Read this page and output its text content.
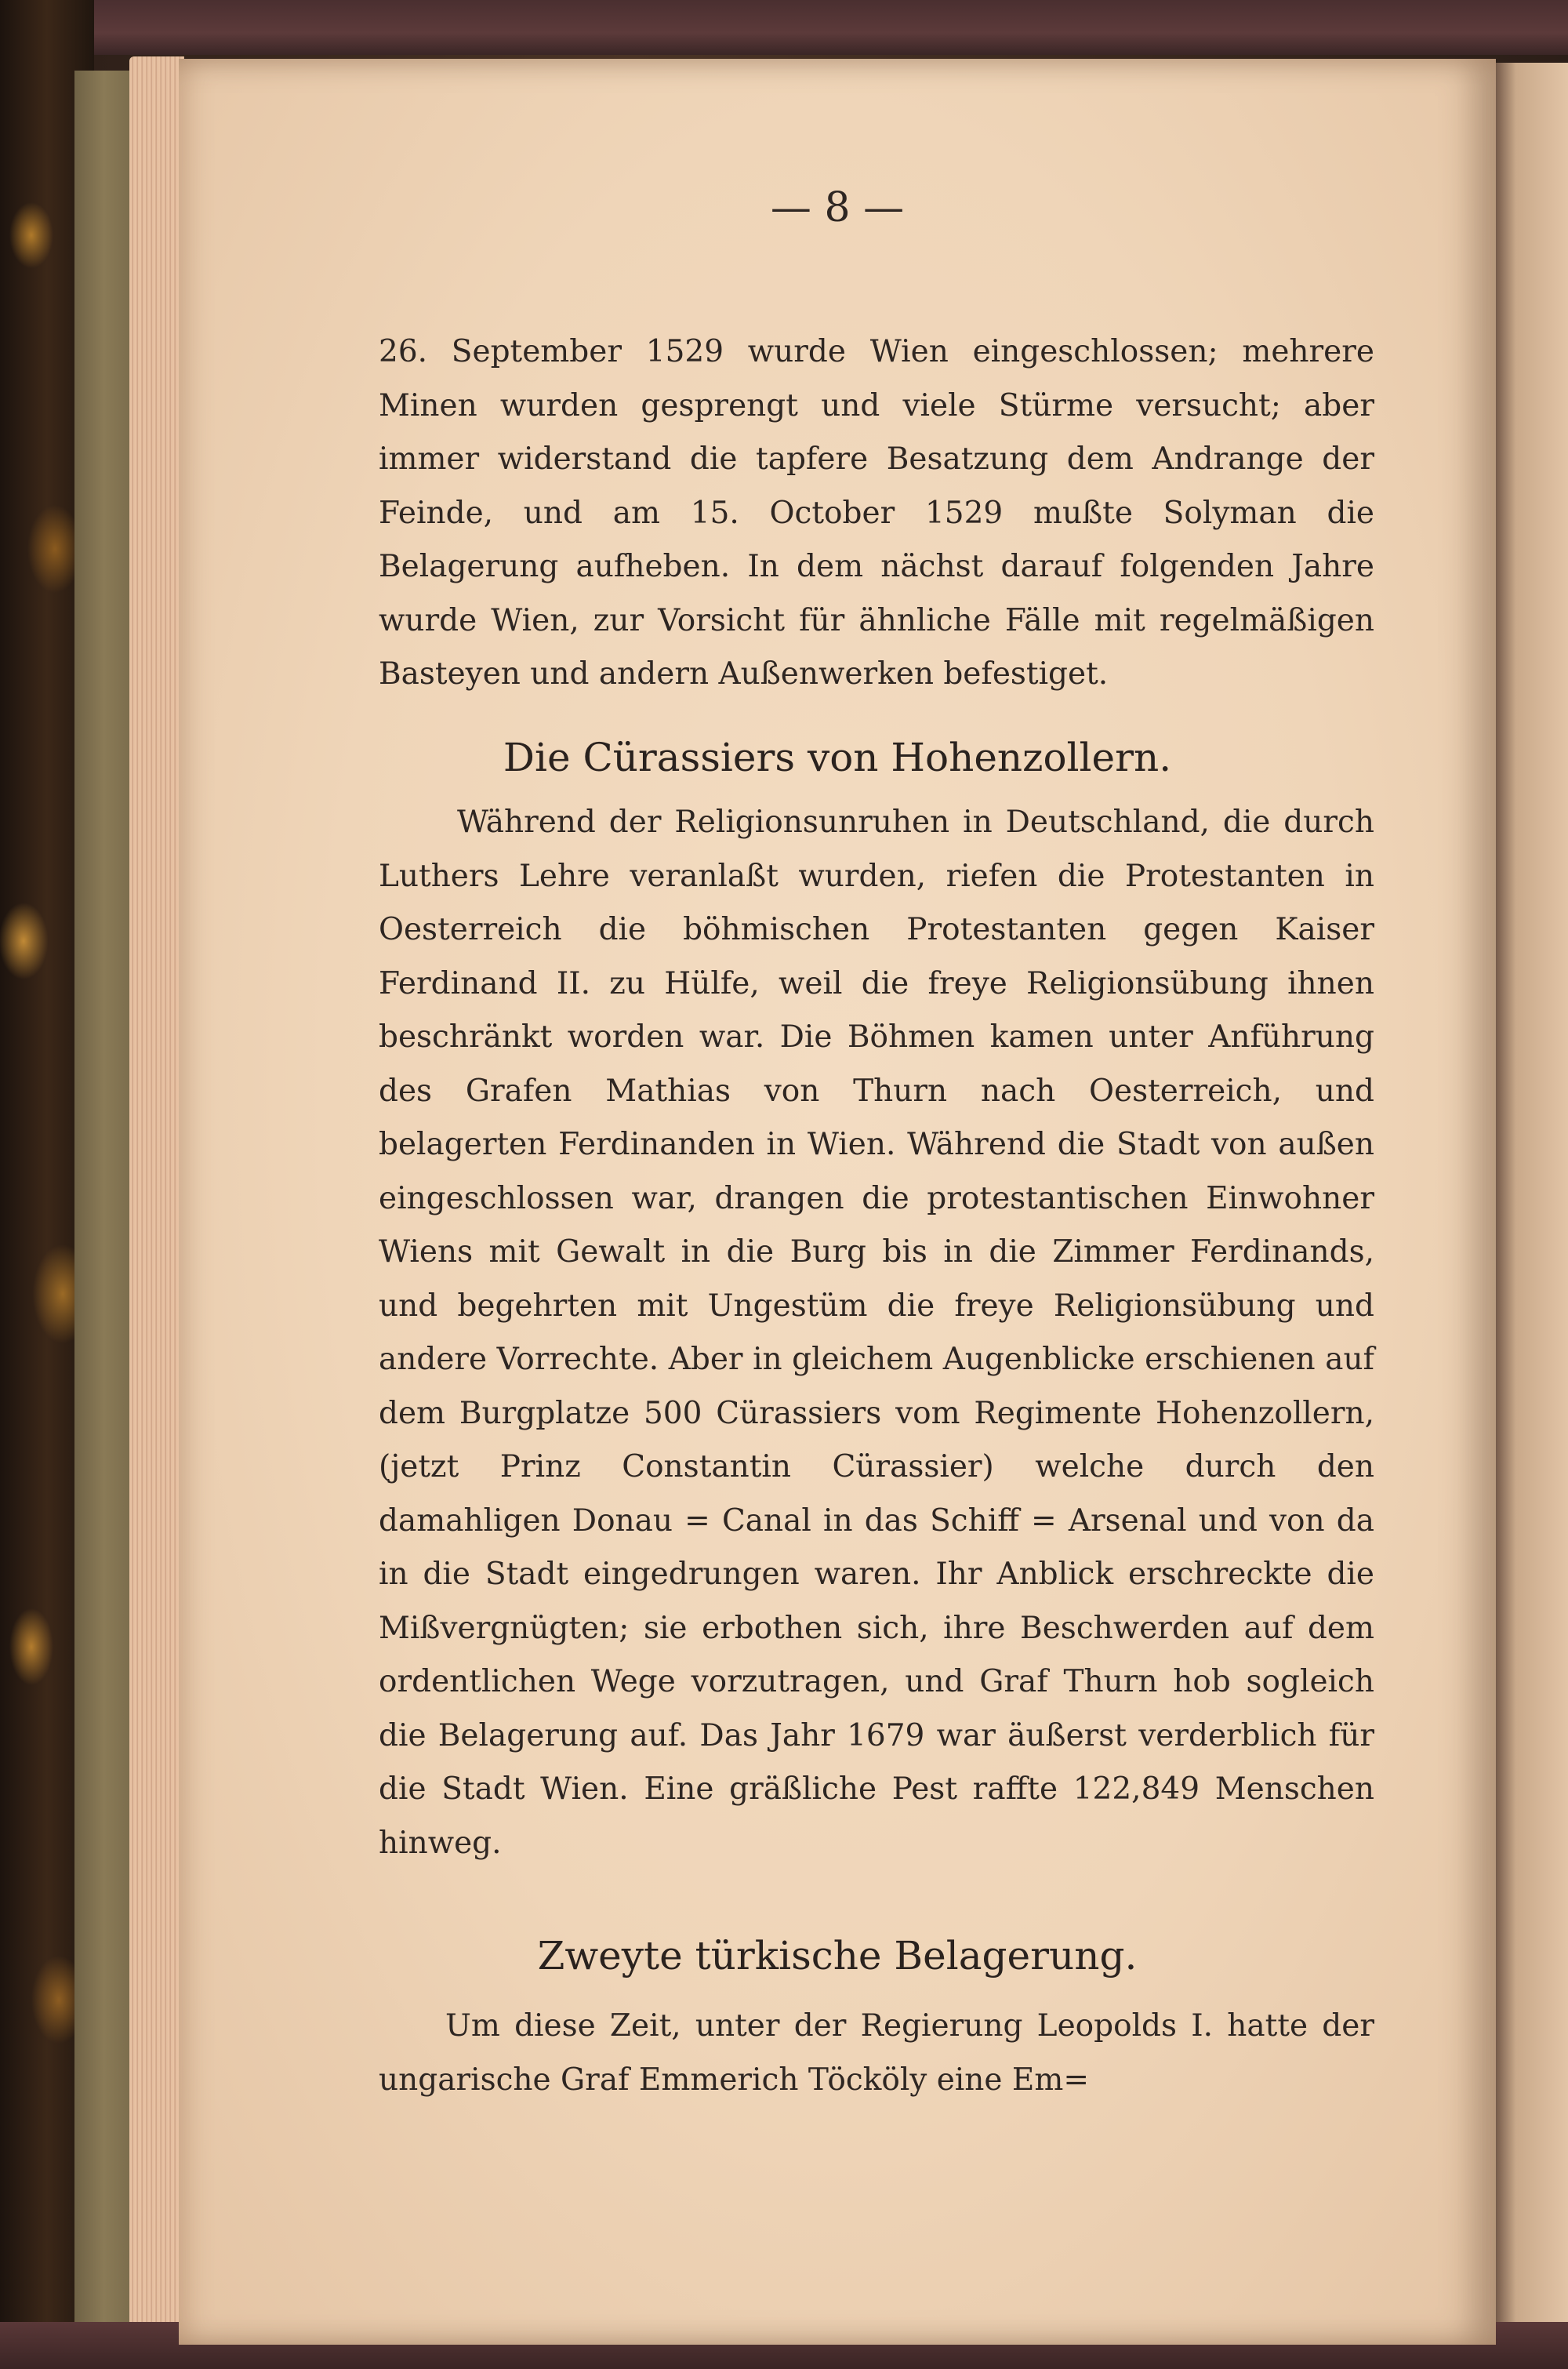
— 8 —

26. September 1529 wurde Wien eingeschlossen; mehrere Minen wurden gesprengt und viele Stürme versucht; aber immer widerstand die tapfere Besatzung dem Andrange der Feinde, und am 15. October 1529 mußte Solyman die Belagerung aufheben. In dem nächst darauf folgenden Jahre wurde Wien, zur Vorsicht für ähnliche Fälle mit regelmäßigen Basteyen und andern Außenwerken befestiget.

Die Cürassiers von Hohenzollern.

Während der Religionsunruhen in Deutschland, die durch Luthers Lehre veranlaßt wurden, riefen die Protestanten in Oesterreich die böhmischen Protestanten gegen Kaiser Ferdinand II. zu Hülfe, weil die freye Religionsübung ihnen beschränkt worden war. Die Böhmen kamen unter Anführung des Grafen Mathias von Thurn nach Oesterreich, und belagerten Ferdinanden in Wien. Während die Stadt von außen eingeschlossen war, drangen die protestantischen Einwohner Wiens mit Gewalt in die Burg bis in die Zimmer Ferdinands, und begehrten mit Ungestüm die freye Religionsübung und andere Vorrechte. Aber in gleichem Augenblicke erschienen auf dem Burgplatze 500 Cürassiers vom Regimente Hohenzollern, (jetzt Prinz Constantin Cürassier) welche durch den damahligen Donau = Canal in das Schiff = Arsenal und von da in die Stadt eingedrungen waren. Ihr Anblick erschreckte die Mißvergnügten; sie erbothen sich, ihre Beschwerden auf dem ordentlichen Wege vorzutragen, und Graf Thurn hob sogleich die Belagerung auf. Das Jahr 1679 war äußerst verderblich für die Stadt Wien. Eine gräßliche Pest raffte 122,849 Menschen hinweg.

Zweyte türkische Belagerung.

Um diese Zeit, unter der Regierung Leopolds I. hatte der ungarische Graf Emmerich Töcköly eine Em=
